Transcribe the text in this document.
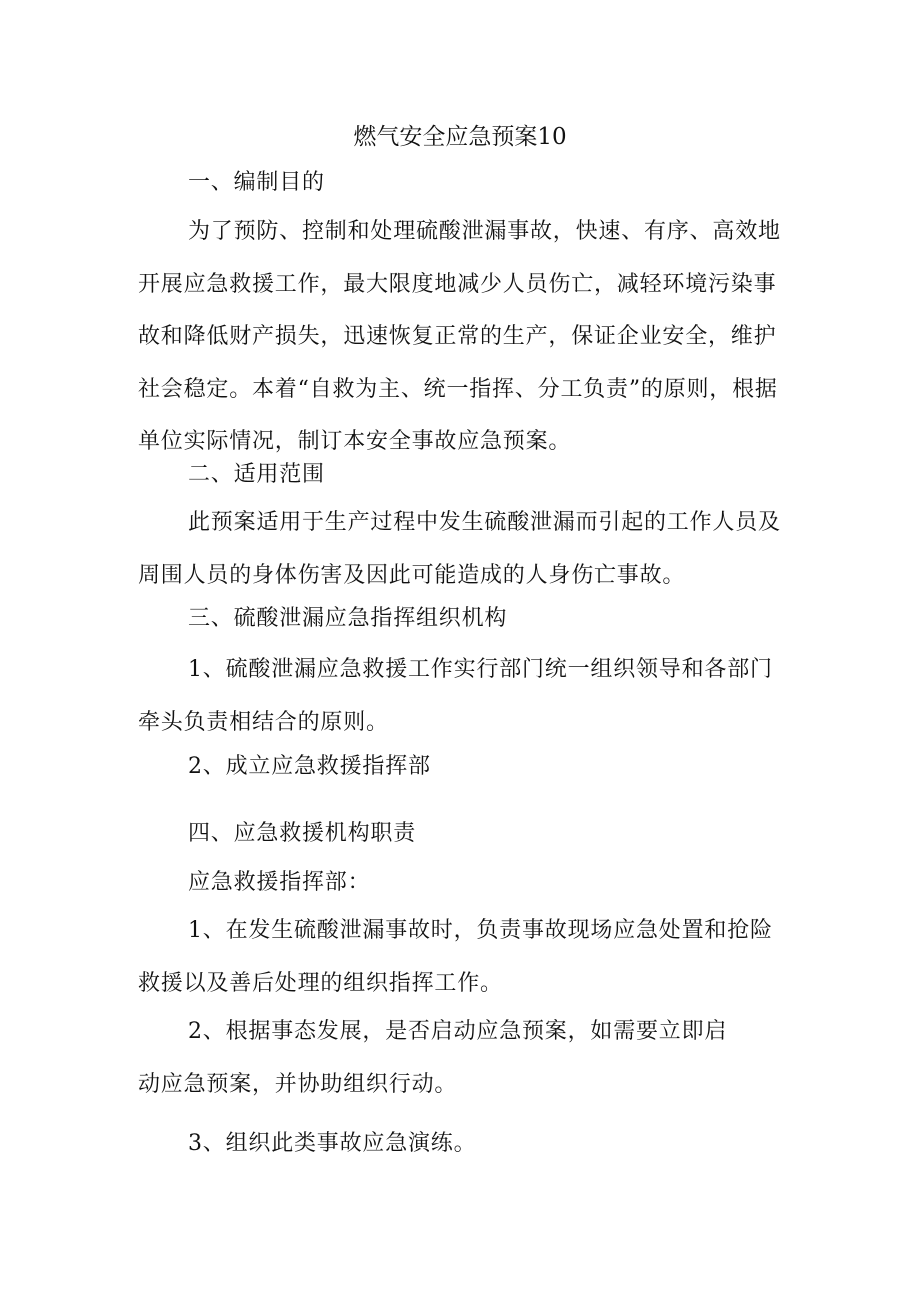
燃气安全应急预案10

一、编制目的

为了预防、控制和处理硫酸泄漏事故，快速、有序、高效地开展应急救援工作，最大限度地减少人员伤亡，减轻环境污染事故和降低财产损失，迅速恢复正常的生产，保证企业安全，维护社会稳定。本着“自救为主、统一指挥、分工负责”的原则，根据单位实际情况，制订本安全事故应急预案。

二、适用范围

此预案适用于生产过程中发生硫酸泄漏而引起的工作人员及周围人员的身体伤害及因此可能造成的人身伤亡事故。

三、硫酸泄漏应急指挥组织机构

1、硫酸泄漏应急救援工作实行部门统一组织领导和各部门牵头负责相结合的原则。

2、成立应急救援指挥部

四、应急救援机构职责

应急救援指挥部：

1、在发生硫酸泄漏事故时，负责事故现场应急处置和抢险救援以及善后处理的组织指挥工作。

2、根据事态发展，是否启动应急预案，如需要立即启
动应急预案，并协助组织行动。

3、组织此类事故应急演练。
